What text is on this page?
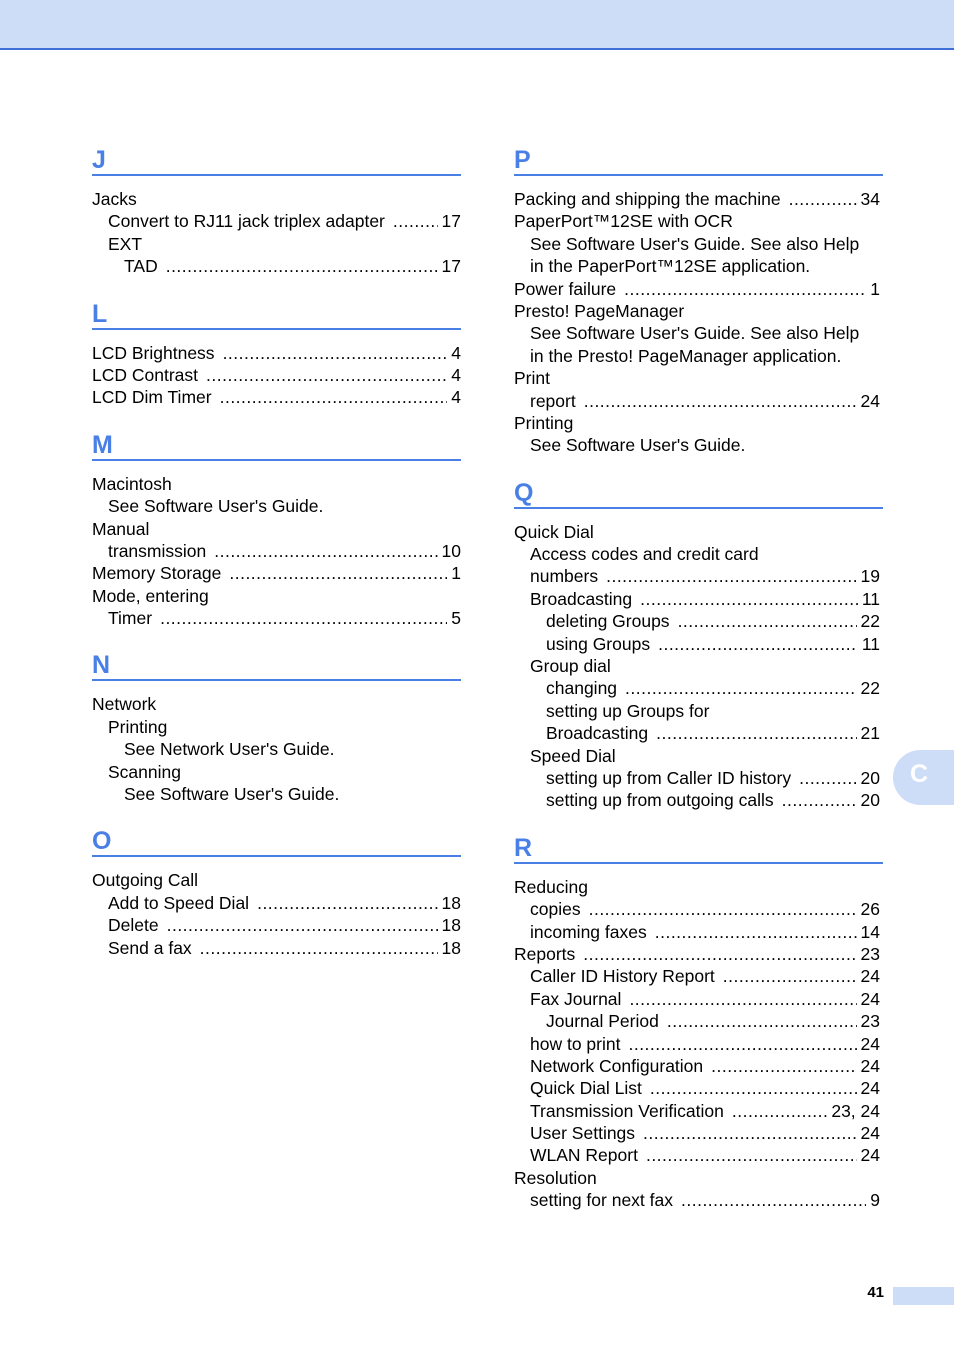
J
Jacks
Convert to RJ11 jack triplex adapter .....	17
EXT
TAD .....	17
L
LCD Brightness .....	4
LCD Contrast .....	4
LCD Dim Timer .....	4
M
Macintosh
See Software User's Guide.
Manual
transmission .....	10
Memory Storage .....	1
Mode, entering
Timer .....	5
N
Network
Printing
See Network User's Guide.
Scanning
See Software User's Guide.
O
Outgoing Call
Add to Speed Dial .....	18
Delete .....	18
Send a fax .....	18
P
Packing and shipping the machine .....	34
PaperPort™12SE with OCR
See Software User's Guide. See also Help
in the PaperPort™12SE application.
Power failure .....	1
Presto! PageManager
See Software User's Guide. See also Help
in the Presto! PageManager application.
Print
report .....	24
Printing
See Software User's Guide.
Q
Quick Dial
Access codes and credit card
numbers .....	19
Broadcasting .....	11
deleting Groups .....	22
using Groups .....	11
Group dial
changing .....	22
setting up Groups for
Broadcasting .....	21
Speed Dial
setting up from Caller ID history .....	20
setting up from outgoing calls .....	20
R
Reducing
copies .....	26
incoming faxes .....	14
Reports .....	23
Caller ID History Report .....	24
Fax Journal .....	24
Journal Period .....	23
how to print .....	24
Network Configuration .....	24
Quick Dial List .....	24
Transmission Verification .....	23, 24
User Settings .....	24
WLAN Report .....	24
Resolution
setting for next fax .....	9
C
41
